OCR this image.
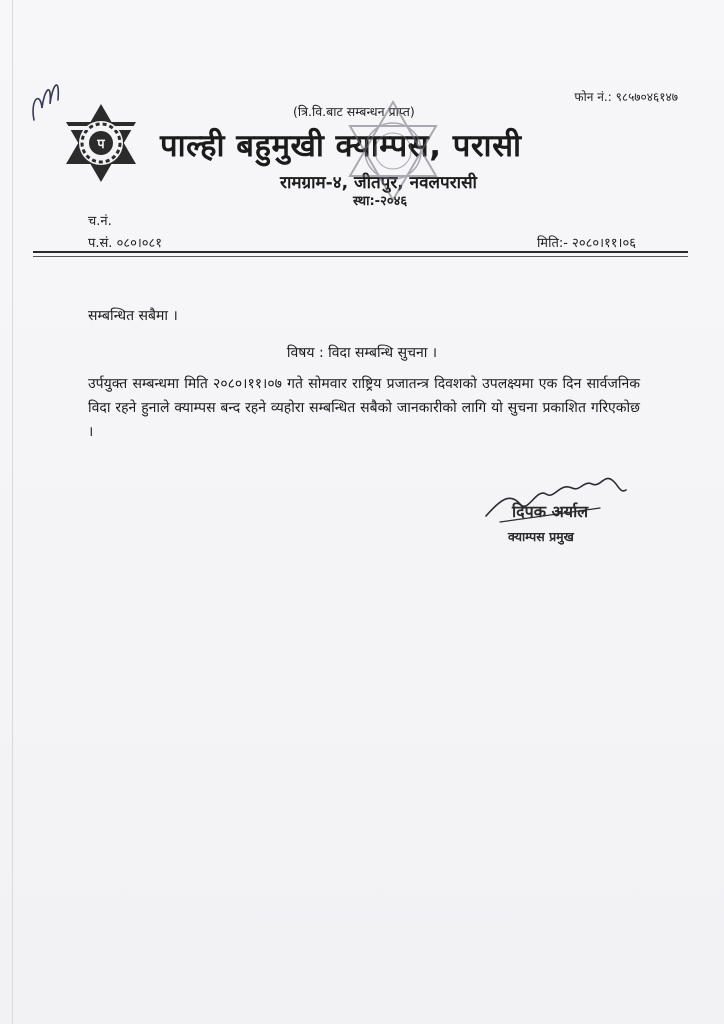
फोन नं.: ९८५७०४६१४७
प
(त्रि.वि.बाट सम्बन्धन प्राप्त)
पाल्ही बहुमुखी क्याम्पस, परासी
रामग्राम-४, जीतपुर, नवलपरासी
स्था:-२०४६
च.नं.
प.सं. ०८०।०८१	मिति:- २०८०।११।०६
सम्बन्धित सबैमा ।
विषय : विदा सम्बन्धि सुचना ।
उर्पयुक्त सम्बन्धमा मिति २०८०।११।०७ गते सोमवार राष्ट्रिय प्रजातन्त्र दिवशको उपलक्ष्यमा एक दिन सार्वजनिक विदा रहने हुनाले क्याम्पस बन्द रहने व्यहोरा सम्बन्धित सबैको जानकारीको लागि यो सुचना प्रकाशित गरिएकोछ ।
दिपक अर्याल
क्याम्पस प्रमुख
